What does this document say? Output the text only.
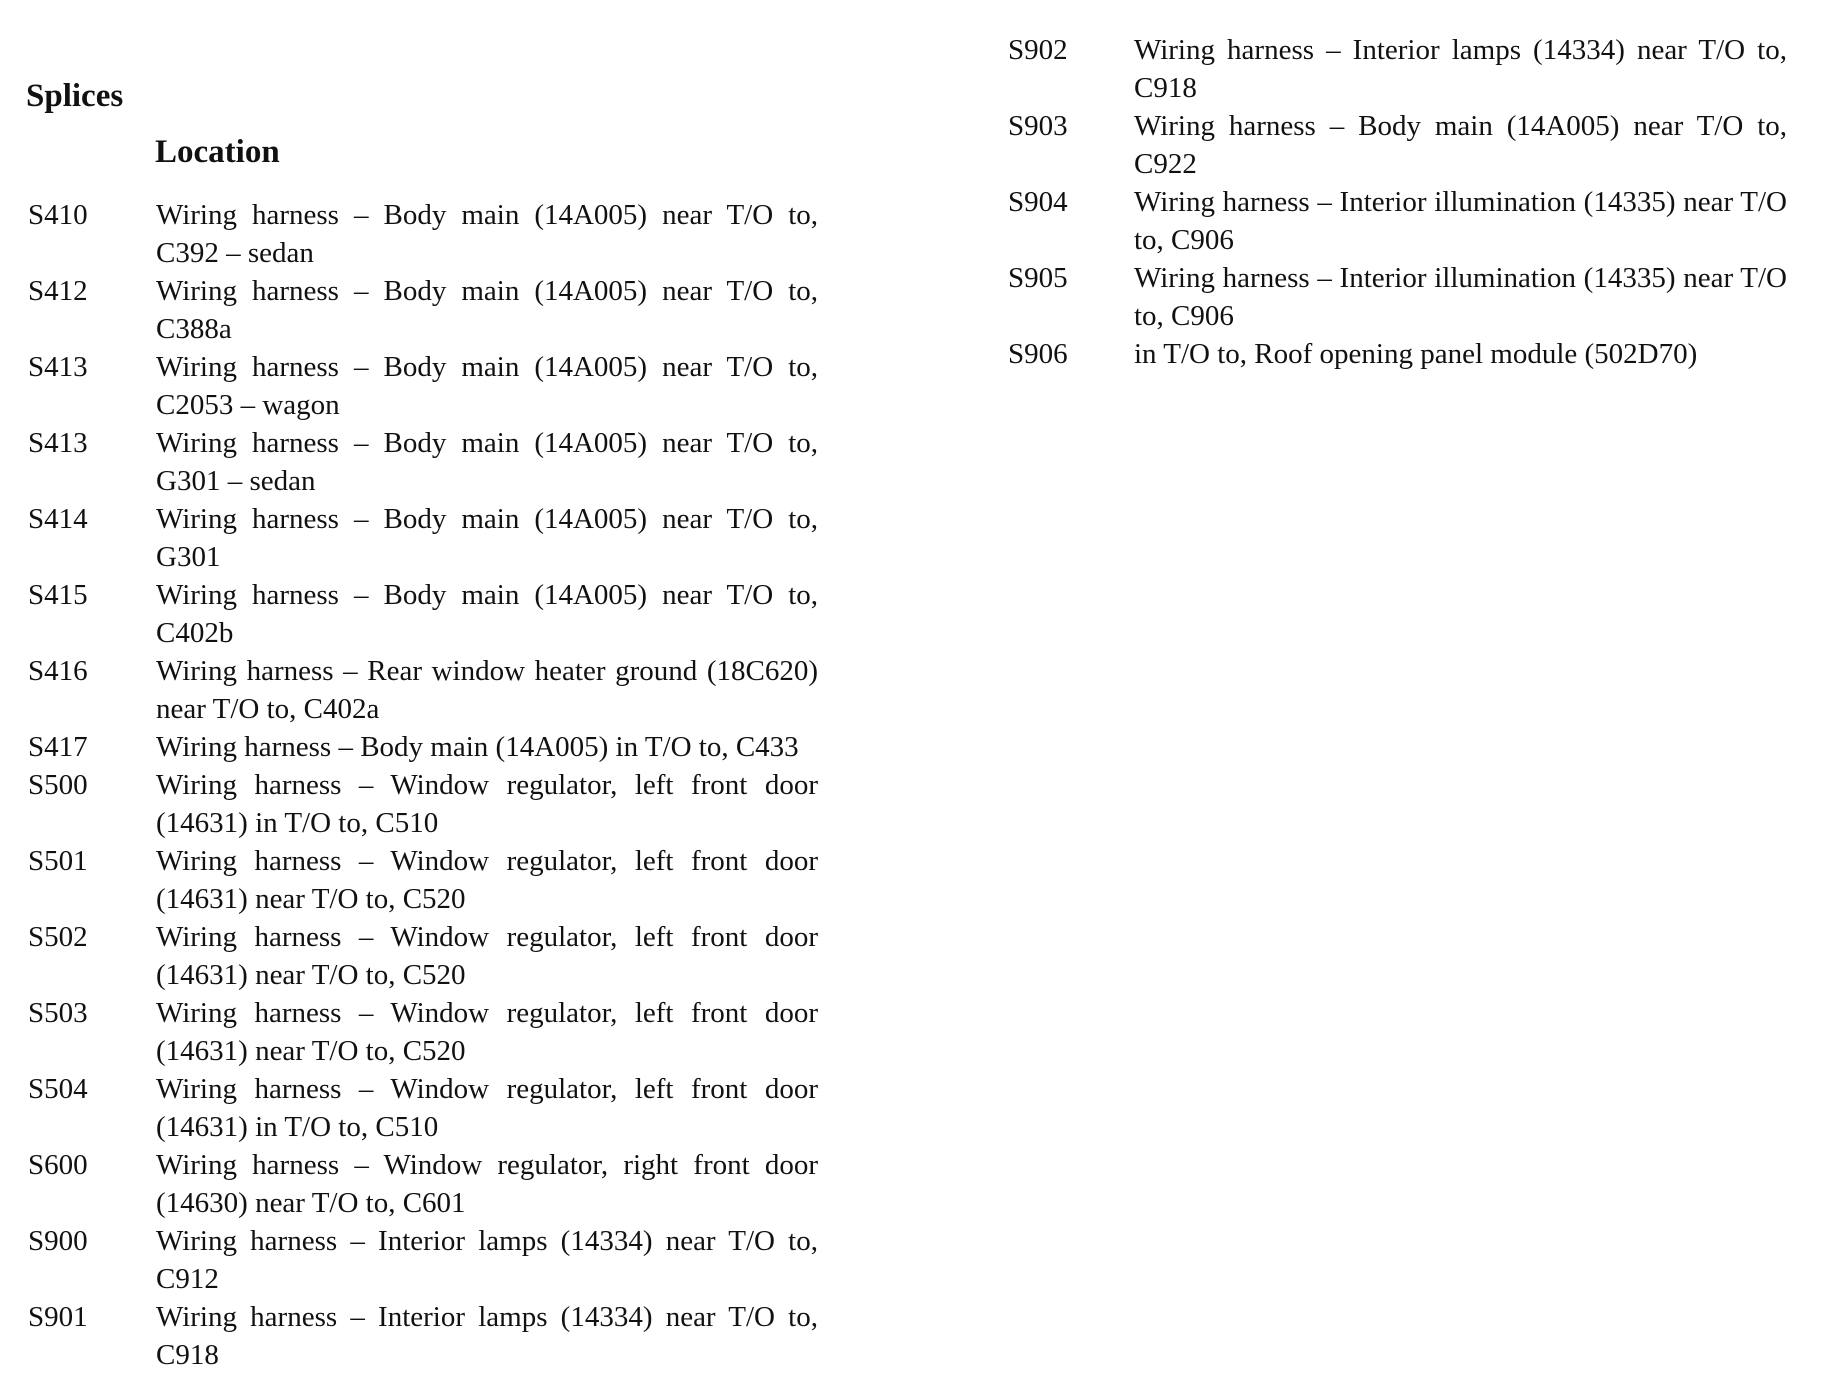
Splices
Location
S410	Wiring harness – Body main (14A005) near T/O to, C392 – sedan
S412	Wiring harness – Body main (14A005) near T/O to, C388a
S413	Wiring harness – Body main (14A005) near T/O to, C2053 – wagon
S413	Wiring harness – Body main (14A005) near T/O to, G301 – sedan
S414	Wiring harness – Body main (14A005) near T/O to, G301
S415	Wiring harness – Body main (14A005) near T/O to, C402b
S416	Wiring harness – Rear window heater ground (18C620) near T/O to, C402a
S417	Wiring harness – Body main (14A005) in T/O to, C433
S500	Wiring harness – Window regulator, left front door (14631) in T/O to, C510
S501	Wiring harness – Window regulator, left front door (14631) near T/O to, C520
S502	Wiring harness – Window regulator, left front door (14631) near T/O to, C520
S503	Wiring harness – Window regulator, left front door (14631) near T/O to, C520
S504	Wiring harness – Window regulator, left front door (14631) in T/O to, C510
S600	Wiring harness – Window regulator, right front door (14630) near T/O to, C601
S900	Wiring harness – Interior lamps (14334) near T/O to, C912
S901	Wiring harness – Interior lamps (14334) near T/O to, C918
S902	Wiring harness – Interior lamps (14334) near T/O to, C918
S903	Wiring harness – Body main (14A005) near T/O to, C922
S904	Wiring harness – Interior illumination (14335) near T/O to, C906
S905	Wiring harness – Interior illumination (14335) near T/O to, C906
S906	in T/O to, Roof opening panel module (502D70)
